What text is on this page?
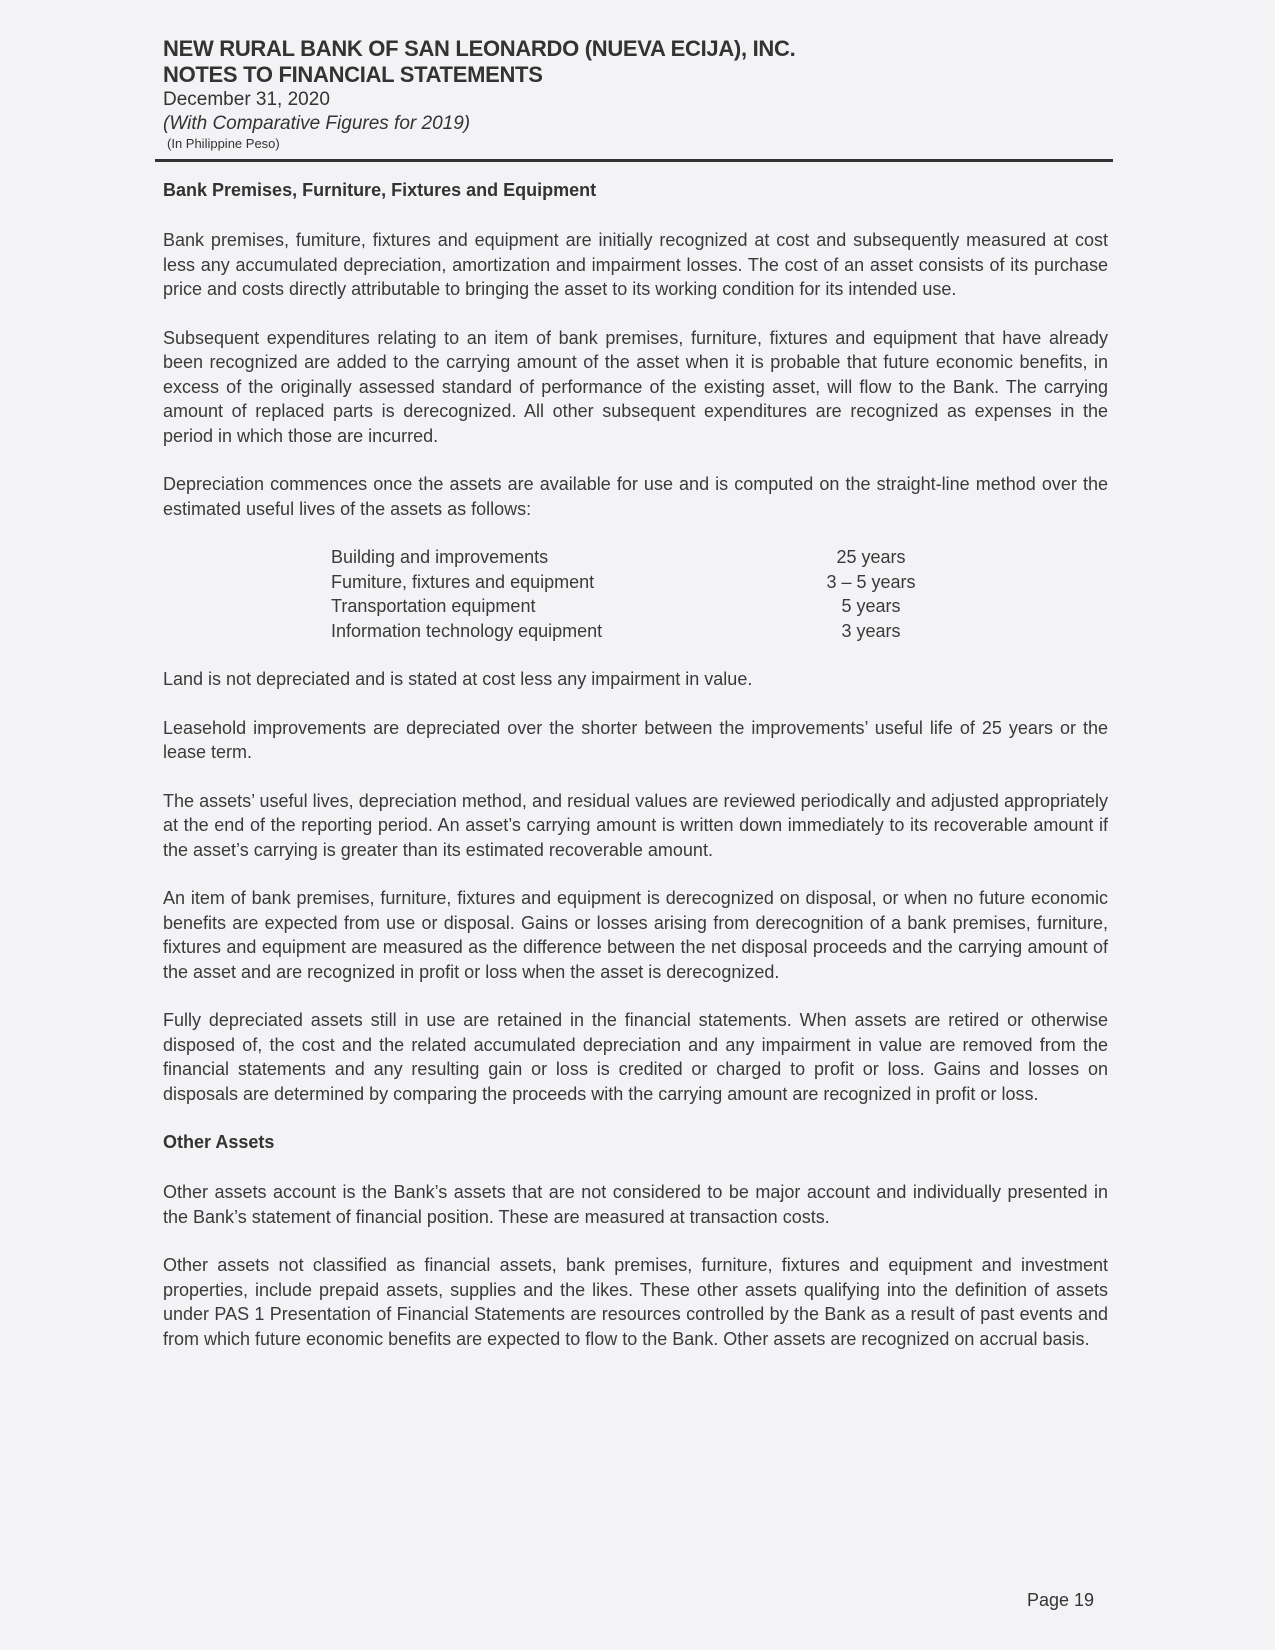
NEW RURAL BANK OF SAN LEONARDO (NUEVA ECIJA), INC.
NOTES TO FINANCIAL STATEMENTS
December 31, 2020
(With Comparative Figures for 2019)
(In Philippine Peso)
Bank Premises, Furniture, Fixtures and Equipment

Bank premises, fumiture, fixtures and equipment are initially recognized at cost and subsequently measured at cost less any accumulated depreciation, amortization and impairment losses. The cost of an asset consists of its purchase price and costs directly attributable to bringing the asset to its working condition for its intended use.

Subsequent expenditures relating to an item of bank premises, furniture, fixtures and equipment that have already been recognized are added to the carrying amount of the asset when it is probable that future economic benefits, in excess of the originally assessed standard of performance of the existing asset, will flow to the Bank. The carrying amount of replaced parts is derecognized. All other subsequent expenditures are recognized as expenses in the period in which those are incurred.

Depreciation commences once the assets are available for use and is computed on the straight-line method over the estimated useful lives of the assets as follows:

Building and improvements	25 years
Fumiture, fixtures and equipment	3 – 5 years
Transportation equipment	5 years
Information technology equipment	3 years

Land is not depreciated and is stated at cost less any impairment in value.

Leasehold improvements are depreciated over the shorter between the improvements’ useful life of 25 years or the lease term.

The assets’ useful lives, depreciation method, and residual values are reviewed periodically and adjusted appropriately at the end of the reporting period. An asset’s carrying amount is written down immediately to its recoverable amount if the asset’s carrying is greater than its estimated recoverable amount.

An item of bank premises, furniture, fixtures and equipment is derecognized on disposal, or when no future economic benefits are expected from use or disposal. Gains or losses arising from derecognition of a bank premises, furniture, fixtures and equipment are measured as the difference between the net disposal proceeds and the carrying amount of the asset and are recognized in profit or loss when the asset is derecognized.

Fully depreciated assets still in use are retained in the financial statements. When assets are retired or otherwise disposed of, the cost and the related accumulated depreciation and any impairment in value are removed from the financial statements and any resulting gain or loss is credited or charged to profit or loss. Gains and losses on disposals are determined by comparing the proceeds with the carrying amount are recognized in profit or loss.

Other Assets

Other assets account is the Bank’s assets that are not considered to be major account and individually presented in the Bank’s statement of financial position. These are measured at transaction costs.

Other assets not classified as financial assets, bank premises, furniture, fixtures and equipment and investment properties, include prepaid assets, supplies and the likes. These other assets qualifying into the definition of assets under PAS 1 Presentation of Financial Statements are resources controlled by the Bank as a result of past events and from which future economic benefits are expected to flow to the Bank. Other assets are recognized on accrual basis.

Page 19
